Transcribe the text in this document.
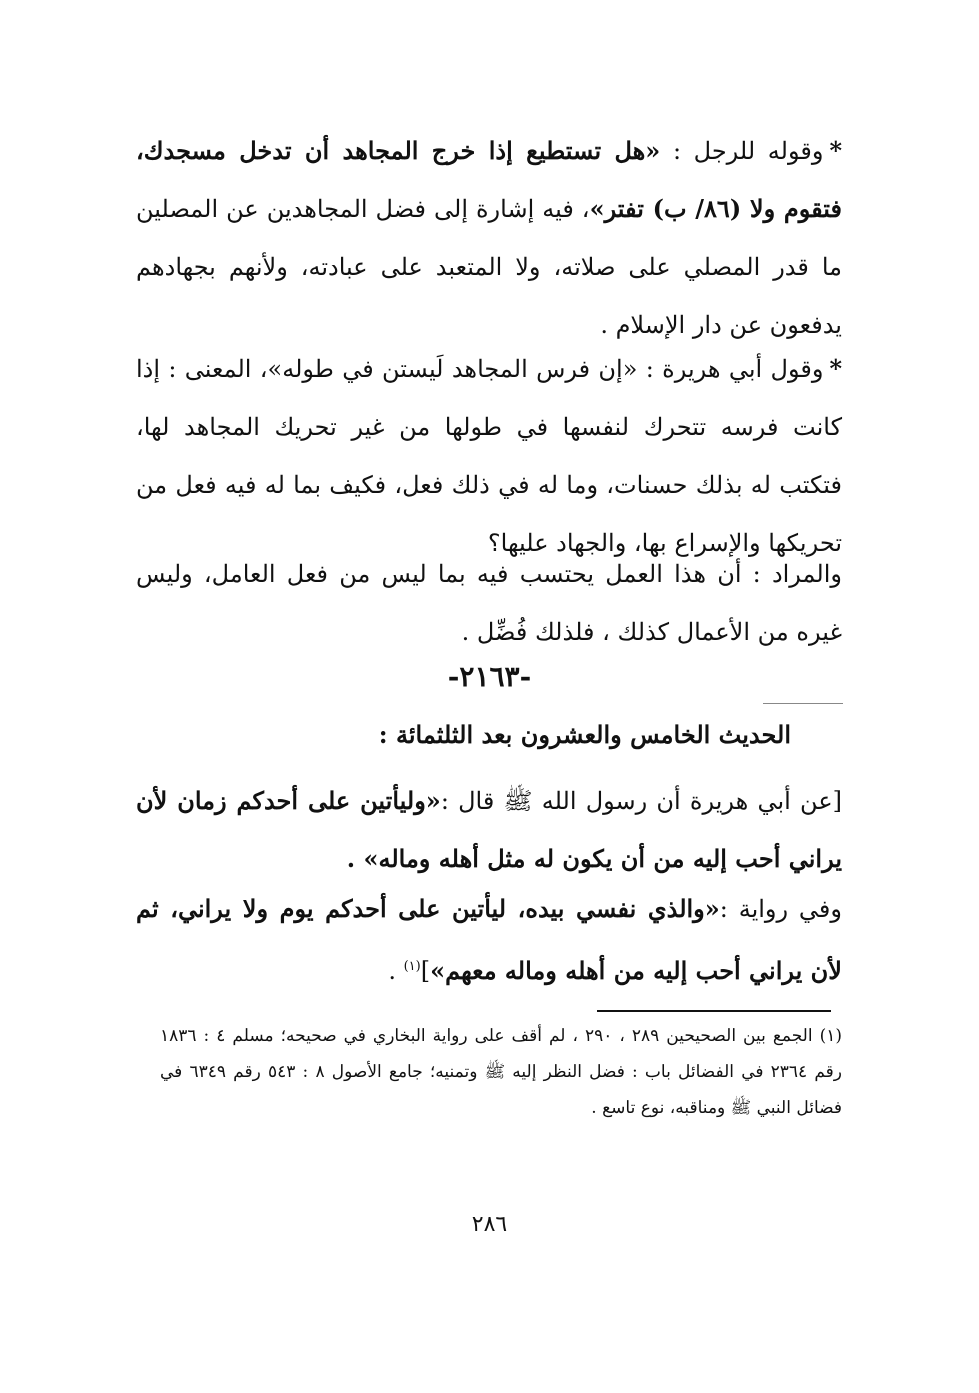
*وقوله للرجل : «هل تستطيع إذا خرج المجاهد أن تدخل مسجدك، فتقوم ولا (٨٦/ ب) تفتر»، فيه إشارة إلى فضل المجاهدين عن المصلين ما قدر المصلي على صلاته، ولا المتعبد على عبادته، ولأنهم بجهادهم يدفعون عن دار الإسلام .
*وقول أبي هريرة : «إن فرس المجاهد لَيستن في طوله»، المعنى : إذا كانت فرسه تتحرك لنفسها في طولها من غير تحريك المجاهد لها، فتكتب له بذلك حسنات، وما له في ذلك فعل، فكيف بما له فيه فعل من تحريكها والإسراع بها، والجهاد عليها؟
والمراد : أن هذا العمل يحتسب فيه بما ليس من فعل العامل، وليس غيره من الأعمال كذلك ، فلذلك فُضِّل .
-٢١٦٣-
الحديث الخامس والعشرون بعد الثلثمائة :
[عن أبي هريرة أن رسول الله ﷺ قال :«وليأتين على أحدكم زمان لأن يراني أحب إليه من أن يكون له مثل أهله وماله» .
وفي رواية :«والذي نفسي بيده، ليأتين على أحدكم يوم ولا يراني، ثم لأن يراني أحب إليه من أهله وماله معهم»]$^{(١)}$ .
(١) الجمع بين الصحيحين ٢٨٩ ، ٢٩٠ ، لم أقف على رواية البخاري في صحيحه؛ مسلم ٤ : ١٨٣٦ رقم ٢٣٦٤ في الفضائل باب : فضل النظر إليه ﷺ وتمنيه؛ جامع الأصول ٨ : ٥٤٣ رقم ٦٣٤٩ في فضائل النبي ﷺ ومناقبه، نوع تاسع .
٢٨٦
